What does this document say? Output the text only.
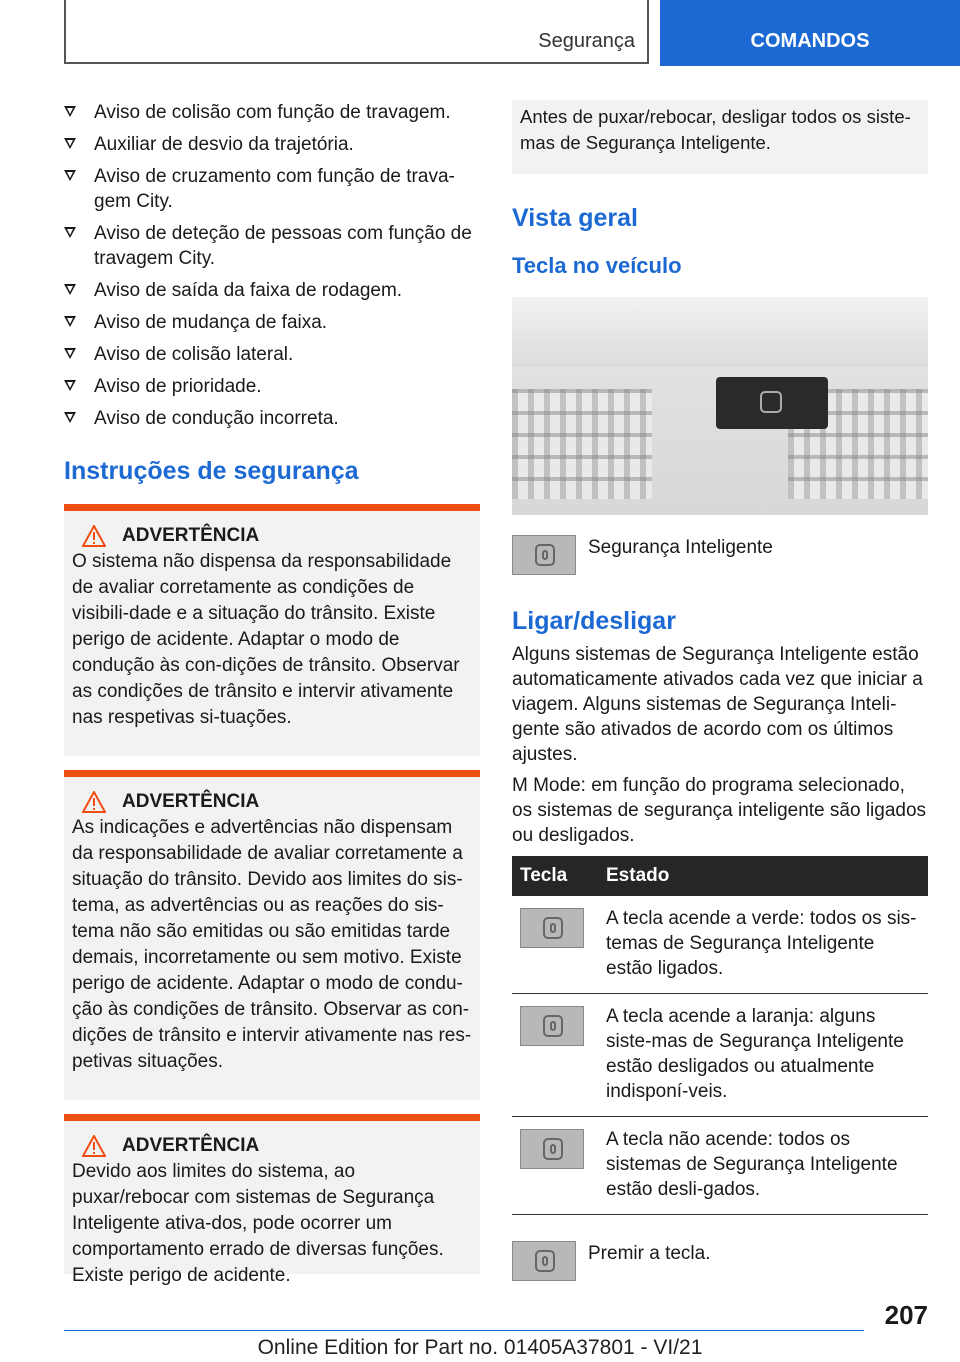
Segurança	COMANDOS
Aviso de colisão com função de travagem.
Auxiliar de desvio da trajetória.
Aviso de cruzamento com função de trava-gem City.
Aviso de deteção de pessoas com função de travagem City.
Aviso de saída da faixa de rodagem.
Aviso de mudança de faixa.
Aviso de colisão lateral.
Aviso de prioridade.
Aviso de condução incorreta.
Instruções de segurança
ADVERTÊNCIA

O sistema não dispensa da responsabilidade de avaliar corretamente as condições de visibili-dade e a situação do trânsito. Existe perigo de acidente. Adaptar o modo de condução às con-dições de trânsito. Observar as condições de trânsito e intervir ativamente nas respetivas si-tuações.

ADVERTÊNCIA

As indicações e advertências não dispensam da responsabilidade de avaliar corretamente a situação do trânsito. Devido aos limites do sis-tema, as advertências ou as reações do sis-tema não são emitidas ou são emitidas tarde demais, incorretamente ou sem motivo. Existe perigo de acidente. Adaptar o modo de condu-ção às condições de trânsito. Observar as con-dições de trânsito e intervir ativamente nas res-petivas situações.

ADVERTÊNCIA

Devido aos limites do sistema, ao puxar/rebocar com sistemas de Segurança Inteligente ativa-dos, pode ocorrer um comportamento errado de diversas funções. Existe perigo de acidente.

Antes de puxar/rebocar, desligar todos os siste-mas de Segurança Inteligente.
Vista geral
Tecla no veículo
Segurança Inteligente
Ligar/desligar

Alguns sistemas de Segurança Inteligente estão automaticamente ativados cada vez que iniciar a viagem. Alguns sistemas de Segurança Inteli-gente são ativados de acordo com os últimos ajustes.

M Mode: em função do programa selecionado, os sistemas de segurança inteligente são ligados ou desligados.

Tecla	Estado

	A tecla acende a verde: todos os sis-temas de Segurança Inteligente estão ligados.

	A tecla acende a laranja: alguns siste-mas de Segurança Inteligente estão desligados ou atualmente indisponí-veis.

	A tecla não acende: todos os sistemas de Segurança Inteligente estão desli-gados.
Premir a tecla.
207
Online Edition for Part no. 01405A37801 - VI/21
